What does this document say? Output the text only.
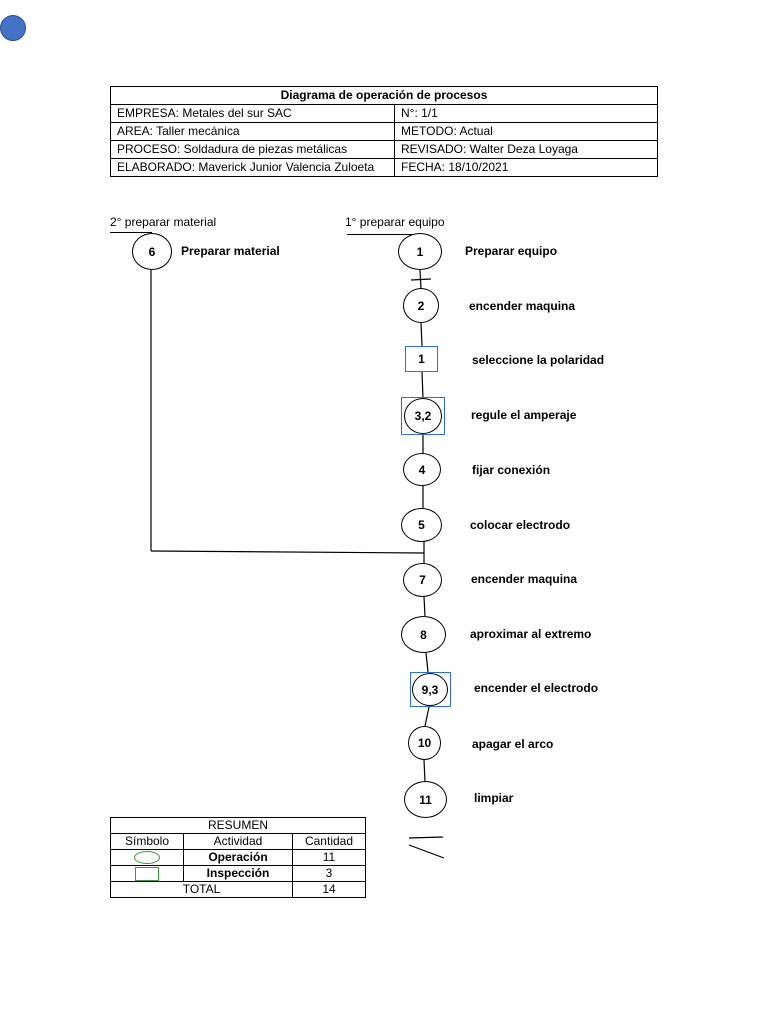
Diagrama de operación de procesos	
EMPRESA: Metales del sur SAC	N°: 1/1
AREA: Taller mecánica	METODO: Actual
PROCESO: Soldadura de piezas metálicas	REVISADO: Walter Deza Loyaga
ELABORADO: Maverick Junior Valencia Zuloeta	FECHA: 18/10/2021
2° preparar material	1° preparar equipo
6	Preparar material	1	Preparar equipo
2	encender maquina
1	seleccione la polaridad
3,2	regule el amperaje
4	fijar conexión
5	colocar electrodo
7	encender maquina
8	aproximar al extremo
9,3	encender el electrodo
10	apagar el arco
11	limpiar
RESUMEN		
Símbolo	Actividad	Cantidad
	Operación	11
	Inspección	3
TOTAL		14
